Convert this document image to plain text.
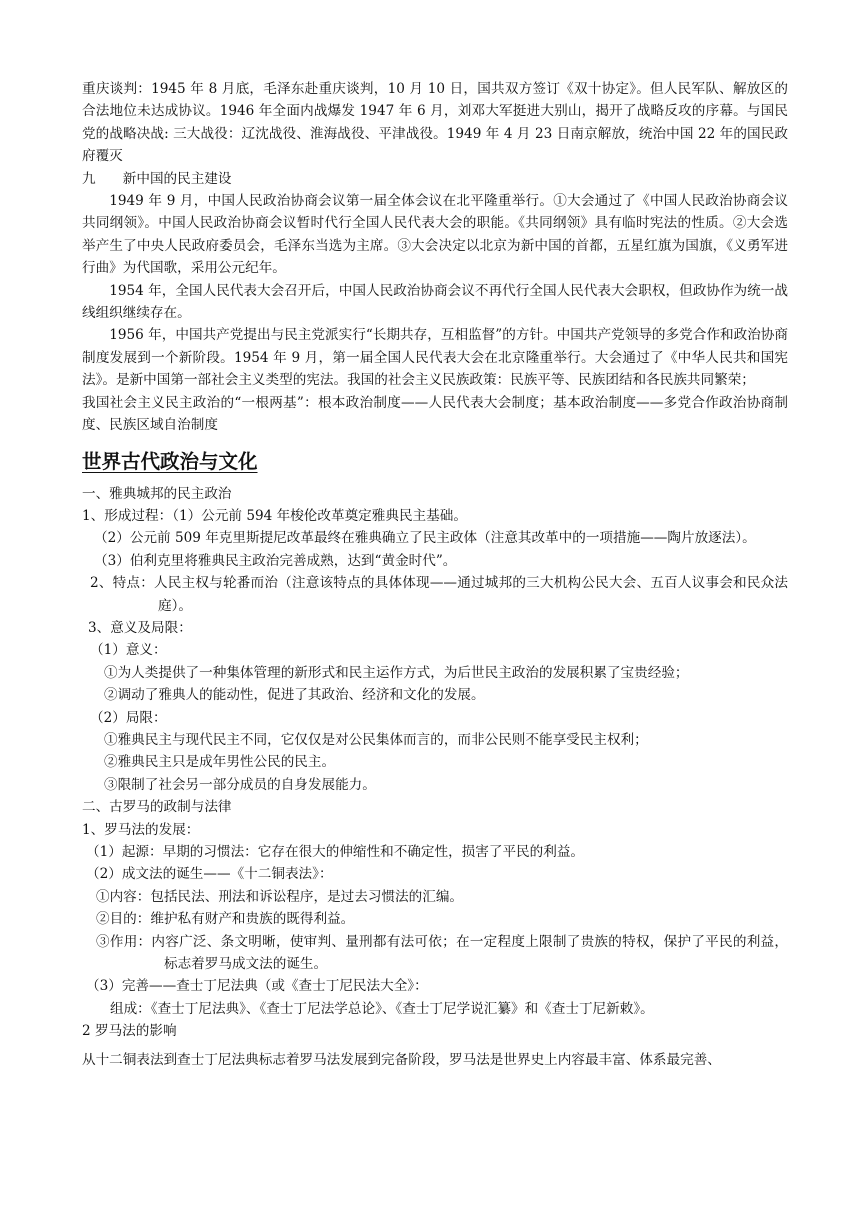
重庆谈判：1945 年 8 月底，毛泽东赴重庆谈判，10 月 10 日，国共双方签订《双十协定》。但人民军队、解放区的合法地位未达成协议。1946 年全面内战爆发 1947 年 6 月，刘邓大军挺进大别山，揭开了战略反攻的序幕。与国民党的战略决战: 三大战役：辽沈战役、淮海战役、平津战役。1949 年 4 月 23 日南京解放，统治中国 22 年的国民政府覆灭

九　　新中国的民主建设

1949 年 9 月，中国人民政治协商会议第一届全体会议在北平隆重举行。①大会通过了《中国人民政治协商会议共同纲领》。中国人民政治协商会议暂时代行全国人民代表大会的职能。《共同纲领》具有临时宪法的性质。②大会选举产生了中央人民政府委员会，毛泽东当选为主席。③大会决定以北京为新中国的首都，五星红旗为国旗，《义勇军进行曲》为代国歌，采用公元纪年。

1954 年，全国人民代表大会召开后，中国人民政治协商会议不再代行全国人民代表大会职权，但政协作为统一战线组织继续存在。

1956 年，中国共产党提出与民主党派实行“长期共存，互相监督”的方针。中国共产党领导的多党合作和政治协商制度发展到一个新阶段。1954 年 9 月，第一届全国人民代表大会在北京隆重举行。大会通过了《中华人民共和国宪法》。是新中国第一部社会主义类型的宪法。我国的社会主义民族政策：民族平等、民族团结和各民族共同繁荣；

我国社会主义民主政治的“一根两基”：根本政治制度——人民代表大会制度；基本政治制度——多党合作政治协商制度、民族区域自治制度

世界古代政治与文化

一、雅典城邦的民主政治

1、形成过程：（1）公元前 594 年梭伦改革奠定雅典民主基础。

（2）公元前 509 年克里斯提尼改革最终在雅典确立了民主政体（注意其改革中的一项措施——陶片放逐法）。

（3）伯利克里将雅典民主政治完善成熟，达到“黄金时代”。

2、特点：人民主权与轮番而治（注意该特点的具体体现——通过城邦的三大机构公民大会、五百人议事会和民众法庭）。

3、意义及局限：

（1）意义：

①为人类提供了一种集体管理的新形式和民主运作方式，为后世民主政治的发展积累了宝贵经验；

②调动了雅典人的能动性，促进了其政治、经济和文化的发展。

（2）局限：

①雅典民主与现代民主不同，它仅仅是对公民集体而言的，而非公民则不能享受民主权利；

②雅典民主只是成年男性公民的民主。

③限制了社会另一部分成员的自身发展能力。

二、古罗马的政制与法律

1、罗马法的发展：

（1）起源：早期的习惯法：它存在很大的伸缩性和不确定性，损害了平民的利益。

（2）成文法的诞生——《十二铜表法》：

①内容：包括民法、刑法和诉讼程序，是过去习惯法的汇编。

②目的：维护私有财产和贵族的既得利益。

③作用：内容广泛、条文明晰，使审判、量刑都有法可依；在一定程度上限制了贵族的特权，保护了平民的利益，标志着罗马成文法的诞生。

（3）完善——查士丁尼法典（或《查士丁尼民法大全》：

组成：《查士丁尼法典》、《查士丁尼法学总论》、《查士丁尼学说汇纂》和《查士丁尼新敕》。

2 罗马法的影响

从十二铜表法到查士丁尼法典标志着罗马法发展到完备阶段，罗马法是世界史上内容最丰富、体系最完善、
